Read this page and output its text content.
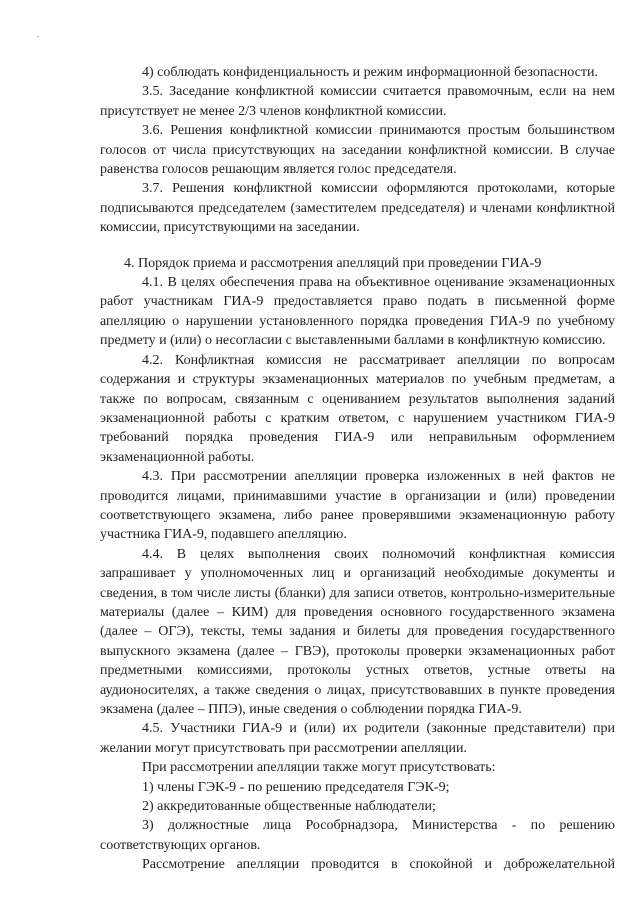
4) соблюдать конфиденциальность и режим информационной безопасности.

3.5. Заседание конфликтной комиссии считается правомочным, если на нем присутствует не менее 2/3 членов конфликтной комиссии.

3.6. Решения конфликтной комиссии принимаются простым большинством голосов от числа присутствующих на заседании конфликтной комиссии. В случае равенства голосов решающим является голос председателя.

3.7. Решения конфликтной комиссии оформляются протоколами, которые подписываются председателем (заместителем председателя) и членами конфликтной комиссии, присутствующими на заседании.

4. Порядок приема и рассмотрения апелляций при проведении ГИА-9

4.1. В целях обеспечения права на объективное оценивание экзаменационных работ участникам ГИА-9 предоставляется право подать в письменной форме апелляцию о нарушении установленного порядка проведения ГИА-9 по учебному предмету и (или) о несогласии с выставленными баллами в конфликтную комиссию.

4.2. Конфликтная комиссия не рассматривает апелляции по вопросам содержания и структуры экзаменационных материалов по учебным предметам, а также по вопросам, связанным с оцениванием результатов выполнения заданий экзаменационной работы с кратким ответом, с нарушением участником ГИА-9 требований порядка проведения ГИА-9 или неправильным оформлением экзаменационной работы.

4.3. При рассмотрении апелляции проверка изложенных в ней фактов не проводится лицами, принимавшими участие в организации и (или) проведении соответствующего экзамена, либо ранее проверявшими экзаменационную работу участника ГИА-9, подавшего апелляцию.

4.4. В целях выполнения своих полномочий конфликтная комиссия запрашивает у уполномоченных лиц и организаций необходимые документы и сведения, в том числе листы (бланки) для записи ответов, контрольно-измерительные материалы (далее – КИМ) для проведения основного государственного экзамена (далее – ОГЭ), тексты, темы задания и билеты для проведения государственного выпускного экзамена (далее – ГВЭ), протоколы проверки экзаменационных работ предметными комиссиями, протоколы устных ответов, устные ответы на аудионосителях, а также сведения о лицах, присутствовавших в пункте проведения экзамена (далее – ППЭ), иные сведения о соблюдении порядка ГИА-9.

4.5. Участники ГИА-9 и (или) их родители (законные представители) при желании могут присутствовать при рассмотрении апелляции.

При рассмотрении апелляции также могут присутствовать:

1) члены ГЭК-9 - по решению председателя ГЭК-9;

2) аккредитованные общественные наблюдатели;

3) должностные лица Рособрнадзора, Министерства - по решению соответствующих органов.

Рассмотрение апелляции проводится в спокойной и доброжелательной
